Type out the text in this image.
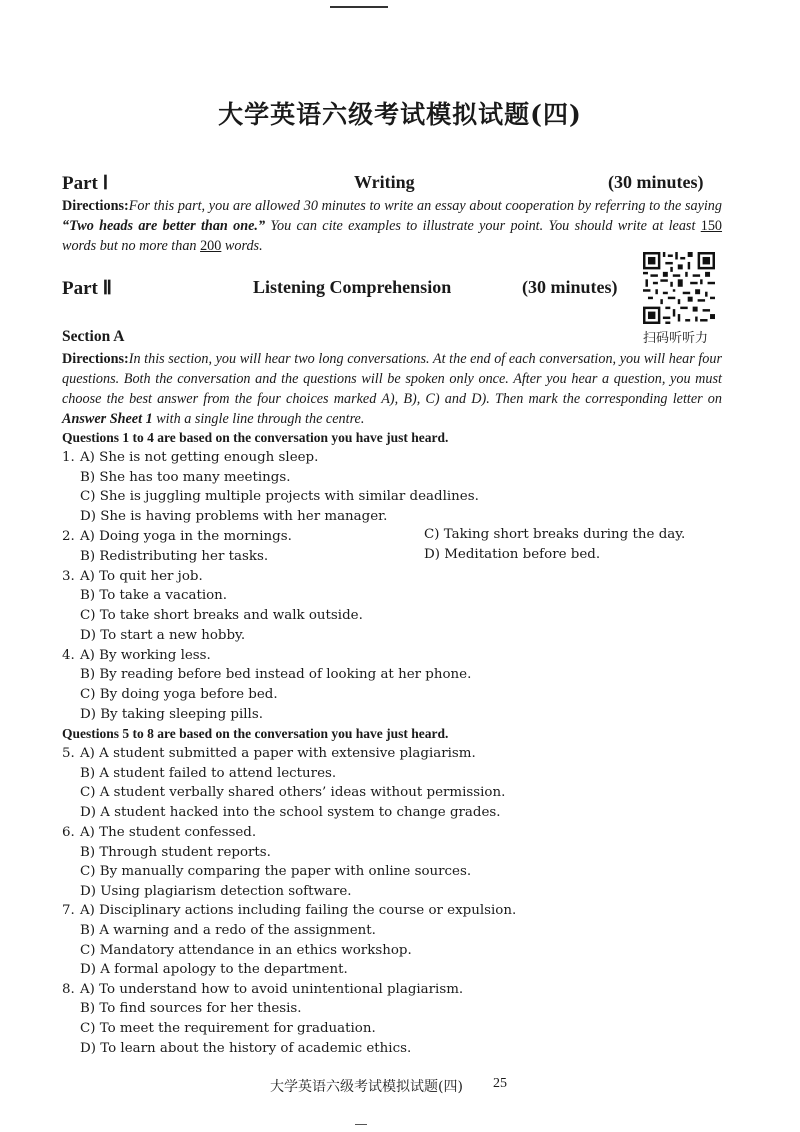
大学英语六级考试模拟试题(四)
Part Ⅰ	Writing	(30 minutes)
Directions:For this part, you are allowed 30 minutes to write an essay about cooperation by referring to the saying “Two heads are better than one.” You can cite examples to illustrate your point. You should write at least 150 words but no more than 200 words.
Part Ⅱ	Listening Comprehension	(30 minutes)
扫码听听力
Section A
Directions:In this section, you will hear two long conversations. At the end of each conversation, you will hear four questions. Both the conversation and the questions will be spoken only once. After you hear a question, you must choose the best answer from the four choices marked A), B), C) and D). Then mark the corresponding letter on Answer Sheet 1 with a single line through the centre.
Questions 1 to 4 are based on the conversation you have just heard.
1. A) She is not getting enough sleep.
B) She has too many meetings.
C) She is juggling multiple projects with similar deadlines.
D) She is having problems with her manager.
2. A) Doing yoga in the mornings.
B) Redistributing her tasks.
C) Taking short breaks during the day.
D) Meditation before bed.
3. A) To quit her job.
B) To take a vacation.
C) To take short breaks and walk outside.
D) To start a new hobby.
4. A) By working less.
B) By reading before bed instead of looking at her phone.
C) By doing yoga before bed.
D) By taking sleeping pills.
Questions 5 to 8 are based on the conversation you have just heard.
5. A) A student submitted a paper with extensive plagiarism.
B) A student failed to attend lectures.
C) A student verbally shared others’ ideas without permission.
D) A student hacked into the school system to change grades.
6. A) The student confessed.
B) Through student reports.
C) By manually comparing the paper with online sources.
D) Using plagiarism detection software.
7. A) Disciplinary actions including failing the course or expulsion.
B) A warning and a redo of the assignment.
C) Mandatory attendance in an ethics workshop.
D) A formal apology to the department.
8. A) To understand how to avoid unintentional plagiarism.
B) To find sources for her thesis.
C) To meet the requirement for graduation.
D) To learn about the history of academic ethics.
大学英语六级考试模拟试题(四) 25
